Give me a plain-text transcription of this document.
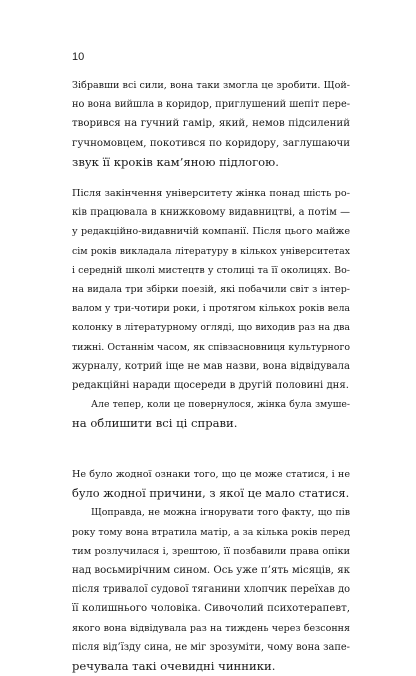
10
Зібравши всі сили, вона таки змогла це зробити. Щой-
но вона вийшла в коридор, приглушений шепіт пере-
творився на гучний гамір, який, немов підсилений
гучномовцем, покотився по коридору, заглушаючи
звук її кроків кам’яною підлогою.
Після закінчення університету жінка понад шість ро-
ків працювала в книжковому видавництві, а потім —
у редакційно-видавничій компанії. Після цього майже
сім років викладала літературу в кількох університетах
і середній школі мистецтв у столиці та її околицях. Во-
на видала три збірки поезій, які побачили світ з інтер-
валом у три-чотири роки, і протягом кількох років вела
колонку в літературному огляді, що виходив раз на два
тижні. Останнім часом, як співзасновниця культурного
журналу, котрий іще не мав назви, вона відвідувала
редакційні наради щосереди в другій половині дня.
Але тепер, коли це повернулося, жінка була змуше-
на облишити всі ці справи.
Не було жодної ознаки того, що це може статися, і не
було жодної причини, з якої це мало статися.
Щоправда, не можна ігнорувати того факту, що пів
року тому вона втратила матір, а за кілька років перед
тим розлучилася і, зрештою, її позбавили права опіки
над восьмирічним сином. Ось уже п’ять місяців, як
після тривалої судової тяганини хлопчик переїхав до
її колишнього чоловіка. Сивочолий психотерапевт,
якого вона відвідувала раз на тиждень через безсоння
після від’їзду сина, не міг зрозуміти, чому вона запе-
речувала такі очевидні чинники.
